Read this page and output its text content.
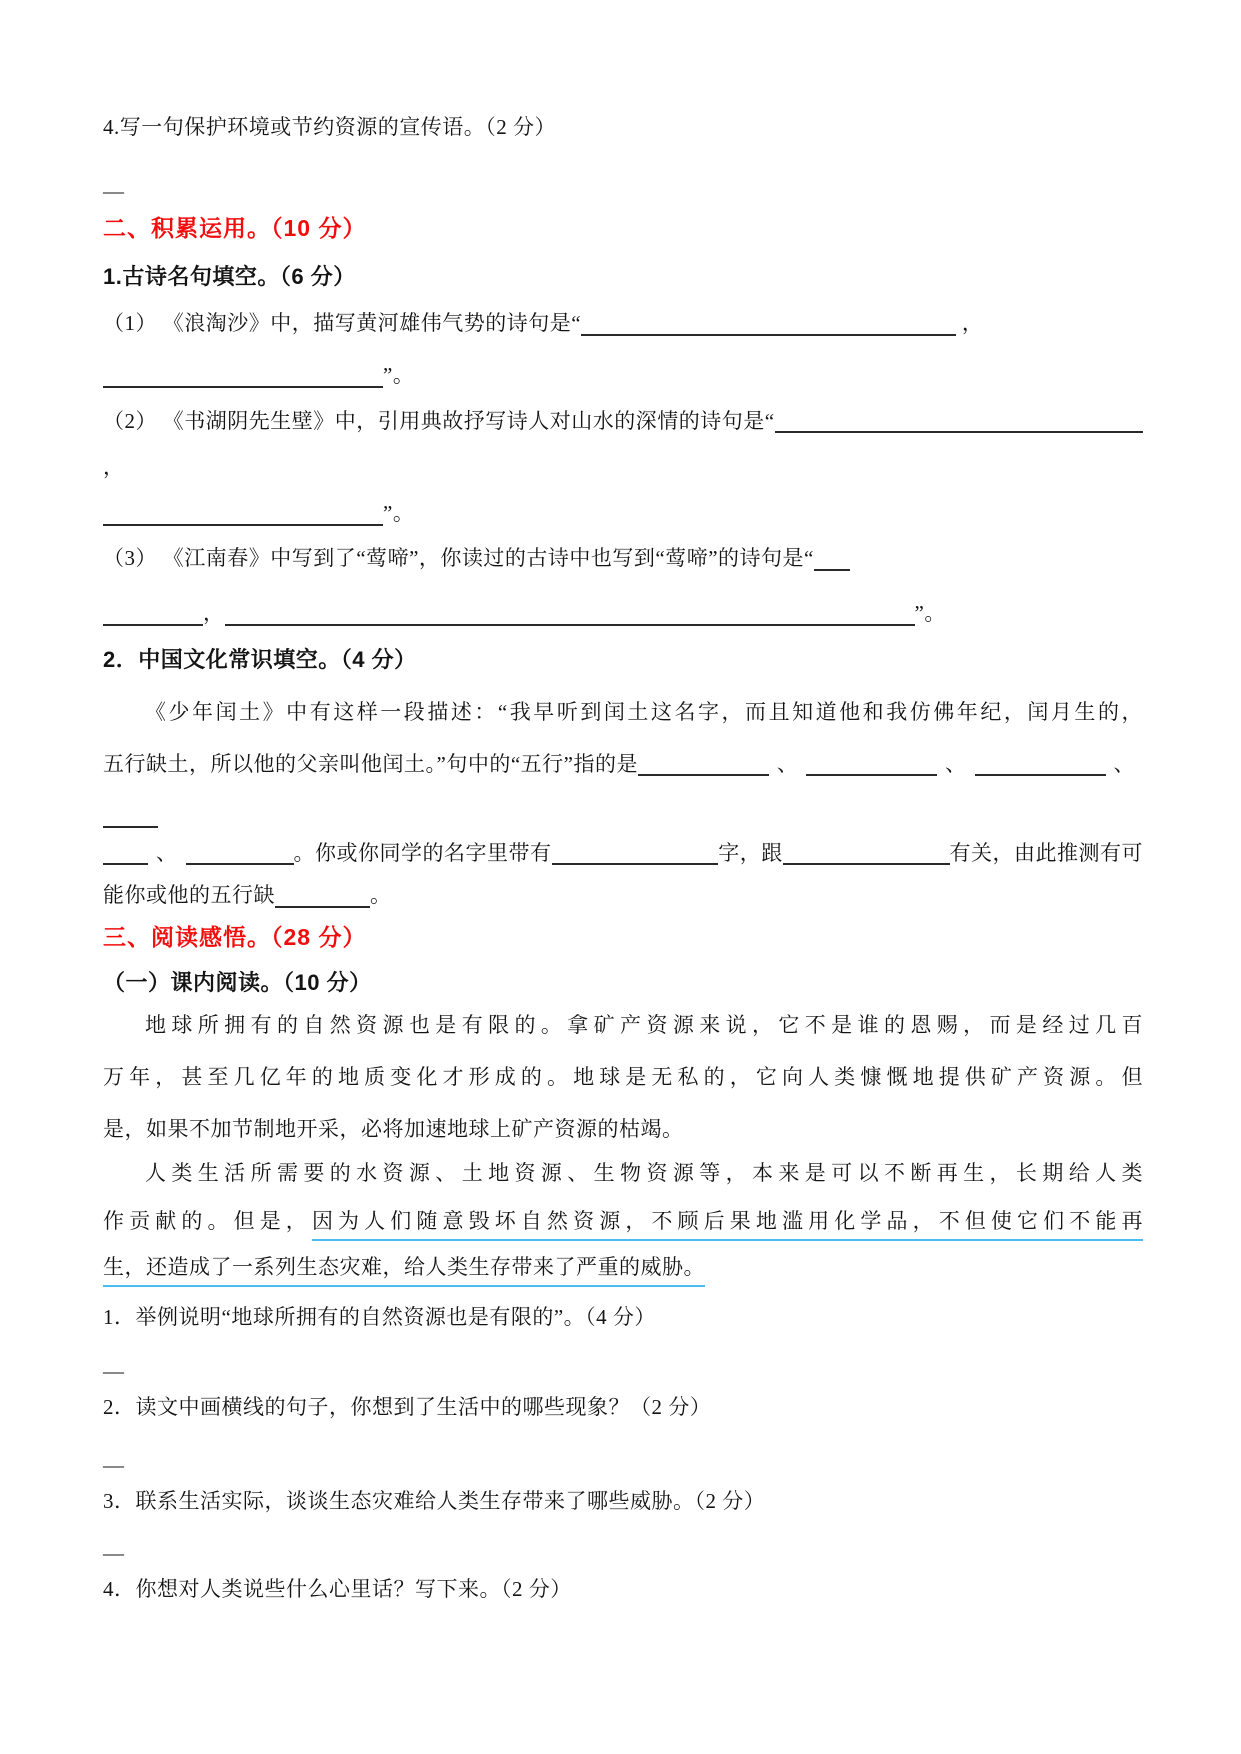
4.写一句保护环境或节约资源的宣传语。（2 分）
—
二、积累运用。（10 分）
1.古诗名句填空。（6 分）
（1） 《浪淘沙》中，描写黄河雄伟气势的诗句是“	，
”。
（2） 《书湖阴先生壁》中，引用典故抒写诗人对山水的深情的诗句是“
，
”。
（3） 《江南春》中写到了“莺啼”，你读过的古诗中也写到“莺啼”的诗句是“
，	”。
2．中国文化常识填空。（4 分）
《少年闰土》中有这样一段描述：“我早听到闰土这名字，而且知道他和我仿佛年纪，闰月生的，
五行缺土，所以他的父亲叫他闰土。”句中的“五行”指的是	、	、	、
、	。你或你同学的名字里带有	字，跟	有关，由此推测有可
能你或他的五行缺	。
三、阅读感悟。（28 分）
（一）课内阅读。（10 分）
地球所拥有的自然资源也是有限的。拿矿产资源来说，它不是谁的恩赐，而是经过几百
万年，甚至几亿年的地质变化才形成的。地球是无私的，它向人类慷慨地提供矿产资源。但
是，如果不加节制地开采，必将加速地球上矿产资源的枯竭。
人类生活所需要的水资源、土地资源、生物资源等，本来是可以不断再生，长期给人类
作贡献的。但是，因为人们随意毁坏自然资源，不顾后果地滥用化学品，不但使它们不能再
生，还造成了一系列生态灾难，给人类生存带来了严重的威胁。
1．举例说明“地球所拥有的自然资源也是有限的”。（4 分）
—
2．读文中画横线的句子，你想到了生活中的哪些现象？（2 分）
—
3．联系生活实际，谈谈生态灾难给人类生存带来了哪些威胁。（2 分）
—
4．你想对人类说些什么心里话？写下来。（2 分）
